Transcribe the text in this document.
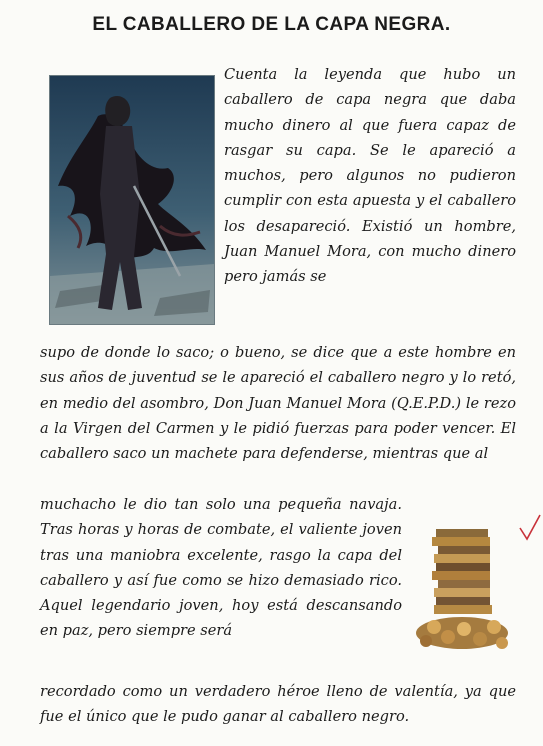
EL CABALLERO DE LA CAPA NEGRA.
Cuenta la leyenda que hubo un caballero de capa negra que daba mucho dinero al que fuera capaz de rasgar su capa. Se le apareció a muchos, pero algunos no pudieron cumplir con esta apuesta y el caballero los desapareció. Existió un hombre, Juan Manuel Mora, con mucho dinero pero jamás se
supo de donde lo saco; o bueno, se dice que a este hombre en sus años de juventud se le apareció el caballero negro y lo retó, en medio del asombro, Don Juan Manuel Mora (Q.E.P.D.) le rezo a la Virgen del Carmen y le pidió fuerzas para poder vencer. El caballero saco un machete para defenderse, mientras que al
muchacho le dio tan solo una pequeña navaja. Tras horas y horas de combate, el valiente joven tras una maniobra excelente, rasgo la capa del caballero y así fue como se hizo demasiado rico. Aquel legendario joven, hoy está descansando en paz, pero siempre será
recordado como un verdadero héroe lleno de valentía, ya que fue el único que le pudo ganar al caballero negro.
